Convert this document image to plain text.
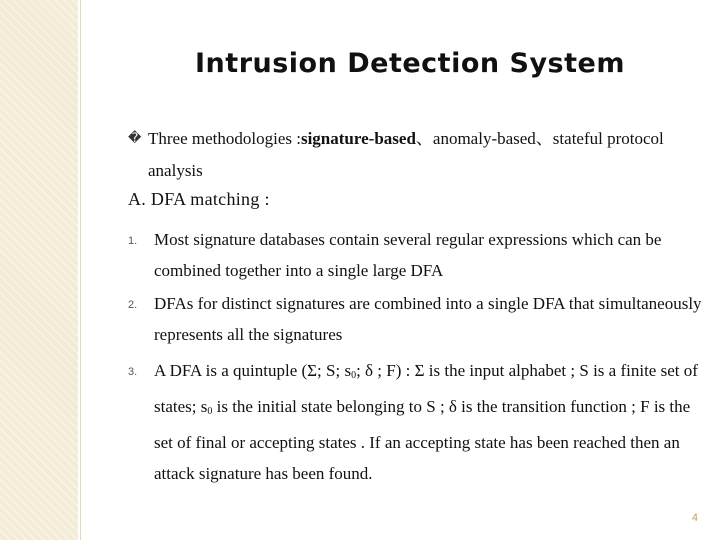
Intrusion Detection System
� Three methodologies :signature-based、anomaly-based、stateful protocol analysis
A. DFA matching :
1. Most signature databases contain several regular expressions which can be combined together into a single large DFA
2. DFAs for distinct signatures are combined into a single DFA that simultaneously represents all the signatures
3. A DFA is a quintuple (Σ; S; $s_0$; δ ; F) : Σ is the input alphabet ; S is a finite set of states; $s_0$ is the initial state belonging to S ; δ is the transition function ; F is the set of final or accepting states . If an accepting state has been reached then an attack signature has been found.
4
